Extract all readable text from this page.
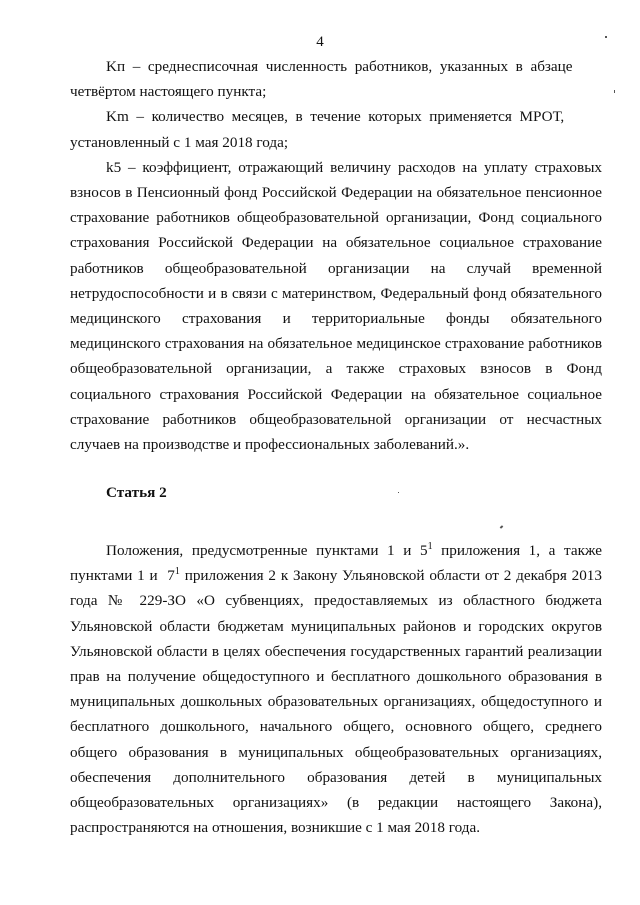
4

Kп  –  среднесписочная  численность  работников,  указанных  в  абзаце
четвёртом настоящего пункта;

Km  –  количество  месяцев,  в  течение  которых  применяется  МРОТ,
установленный с 1 мая 2018 года;

k5 – коэффициент, отражающий величину расходов на уплату страховых взносов в Пенсионный фонд Российской Федерации на обязательное пенсионное страхование работников общеобразовательной организации, Фонд социального страхования Российской Федерации на обязательное социальное страхование работников общеобразовательной организации на случай временной нетрудоспособности и в связи с материнством, Федеральный фонд обязательного медицинского страхования и территориальные фонды обязательного медицинского страхования на обязательное медицинское страхование работников общеобразовательной организации, а также страховых взносов в Фонд социального страхования Российской Федерации на обязательное социальное страхование работников общеобразовательной организации от несчастных случаев на производстве и профессиональных заболеваний.».

Статья 2

Положения, предусмотренные пунктами 1 и $5^1$ приложения 1, а также пунктами 1 и  $7^1$ приложения 2 к Закону Ульяновской области от 2 декабря 2013 года № 229-ЗО «О субвенциях, предоставляемых из областного бюджета Ульяновской области бюджетам муниципальных районов и городских округов Ульяновской области в целях обеспечения государственных гарантий реализации прав на получение общедоступного и бесплатного дошкольного образования в муниципальных дошкольных образовательных организациях, общедоступного и бесплатного дошкольного, начального общего, основного общего, среднего общего образования в муниципальных общеобразовательных организациях, обеспечения дополнительного образования детей в муниципальных общеобразовательных организациях» (в редакции настоящего Закона), распространяются на отношения, возникшие с 1 мая 2018 года.
